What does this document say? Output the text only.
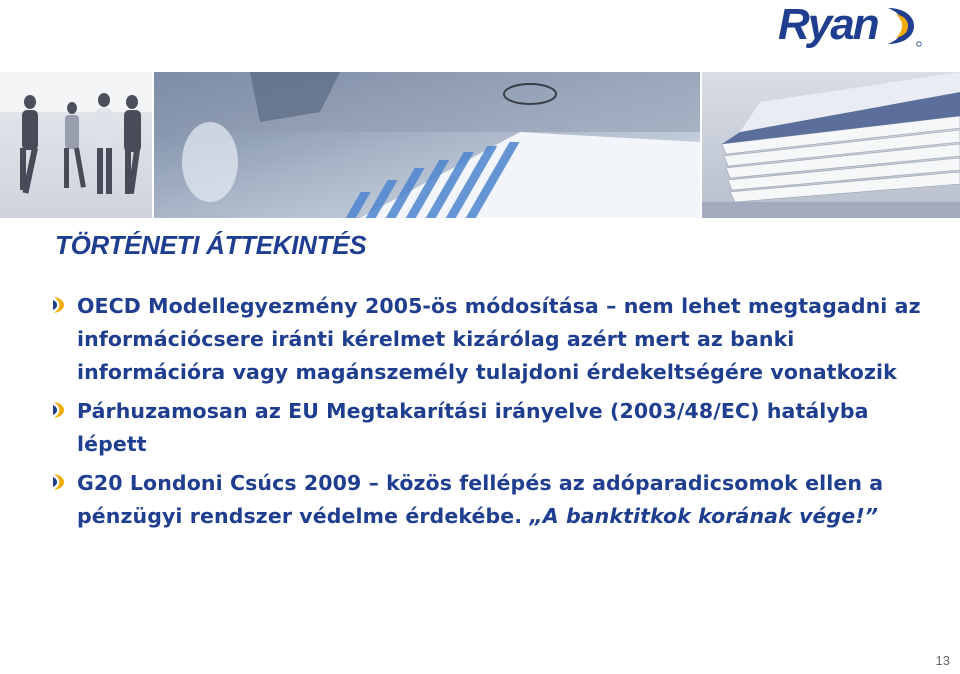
Ryan
TÖRTÉNETI ÁTTEKINTÉS
OECD Modellegyezmény 2005-ös módosítása – nem lehet megtagadni az információcsere iránti kérelmet kizárólag azért mert az banki információra vagy magánszemély tulajdoni érdekeltségére vonatkozik
Párhuzamosan az EU Megtakarítási irányelve (2003/48/EC) hatályba lépett
G20 Londoni Csúcs 2009 – közös fellépés az adóparadicsomok ellen a pénzügyi rendszer védelme érdekébe. „A banktitkok korának vége!”
13
